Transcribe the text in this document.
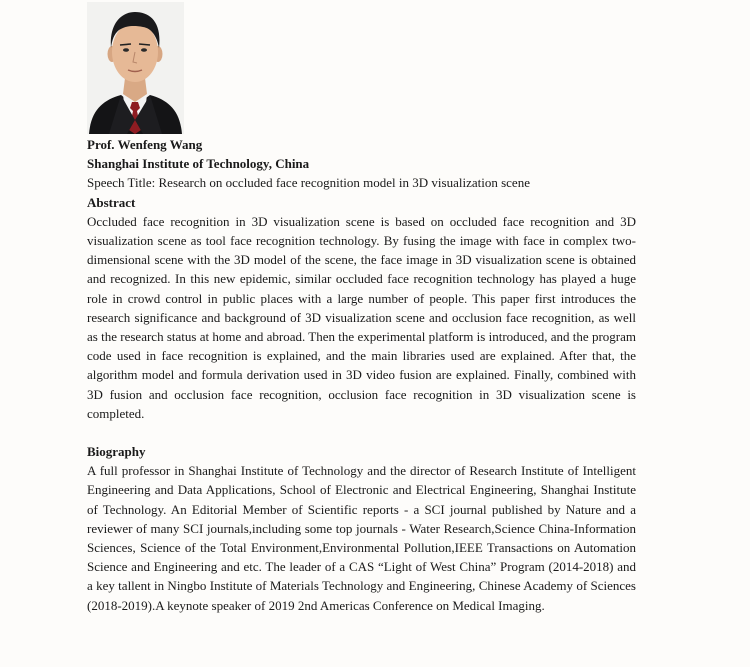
Prof. Wenfeng Wang

Shanghai Institute of Technology, China

Speech Title: Research on occluded face recognition model in 3D visualization scene

Abstract

Occluded face recognition in 3D visualization scene is based on occluded face recognition and 3D visualization scene as tool face recognition technology. By fusing the image with face in complex two-dimensional scene with the 3D model of the scene, the face image in 3D visualization scene is obtained and recognized. In this new epidemic, similar occluded face recognition technology has played a huge role in crowd control in public places with a large number of people. This paper first introduces the research significance and background of 3D visualization scene and occlusion face recognition, as well as the research status at home and abroad. Then the experimental platform is introduced, and the program code used in face recognition is explained, and the main libraries used are explained. After that, the algorithm model and formula derivation used in 3D video fusion are explained. Finally, combined with 3D fusion and occlusion face recognition, occlusion face recognition in 3D visualization scene is completed.

Biography

A full professor in Shanghai Institute of Technology and the director of Research Institute of Intelligent Engineering and Data Applications, School of Electronic and Electrical Engineering, Shanghai Institute of Technology. An Editorial Member of Scientific reports - a SCI journal published by Nature and a reviewer of many SCI journals,including some top journals - Water Research,Science China-Information Sciences, Science of the Total Environment,Environmental Pollution,IEEE Transactions on Automation Science and Engineering and etc. The leader of a CAS “Light of West China” Program (2014-2018) and a key tallent in Ningbo Institute of Materials Technology and Engineering, Chinese Academy of Sciences (2018-2019).A keynote speaker of 2019 2nd Americas Conference on Medical Imaging.
